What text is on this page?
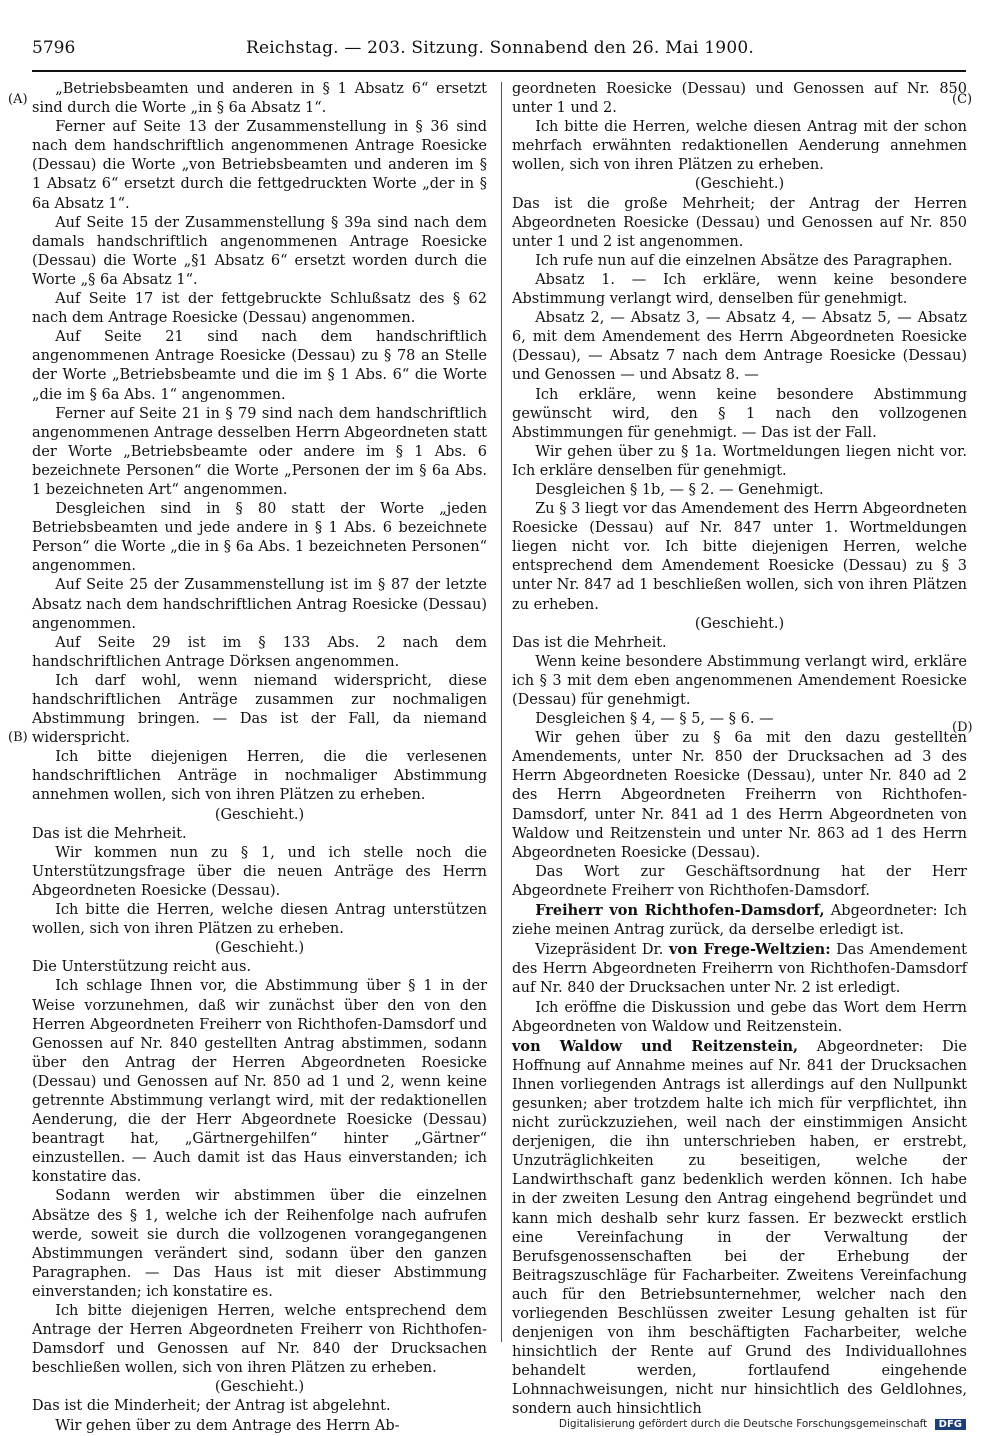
5796	Reichstag. — 203. Sitzung. Sonnabend den 26. Mai 1900.
(A)
(B)
(C)
(D)

„Betriebsbeamten und anderen in § 1 Absatz 6“ ersetzt sind durch die Worte „in § 6a Absatz 1“.

Ferner auf Seite 13 der Zusammenstellung in § 36 sind nach dem handschriftlich angenommenen Antrage Roesicke (Dessau) die Worte „von Betriebsbeamten und anderen im § 1 Absatz 6“ ersetzt durch die fettgedruckten Worte „der in § 6a Absatz 1“.

Auf Seite 15 der Zusammenstellung § 39a sind nach dem damals handschriftlich angenommenen Antrage Roesicke (Dessau) die Worte „§1 Absatz 6“ ersetzt worden durch die Worte „§ 6a Absatz 1“.

Auf Seite 17 ist der fettgebruckte Schlußsatz des § 62 nach dem Antrage Roesicke (Dessau) angenommen.

Auf Seite 21 sind nach dem handschriftlich angenommenen Antrage Roesicke (Dessau) zu § 78 an Stelle der Worte „Betriebsbeamte und die im § 1 Abs. 6“ die Worte „die im § 6a Abs. 1“ angenommen.

Ferner auf Seite 21 in § 79 sind nach dem handschriftlich angenommenen Antrage desselben Herrn Abgeordneten statt der Worte „Betriebsbeamte oder andere im § 1 Abs. 6 bezeichnete Personen“ die Worte „Personen der im § 6a Abs. 1 bezeichneten Art“ angenommen.

Desgleichen sind in § 80 statt der Worte „jeden Betriebsbeamten und jede andere in § 1 Abs. 6 bezeichnete Person“ die Worte „die in § 6a Abs. 1 bezeichneten Personen“ angenommen.

Auf Seite 25 der Zusammenstellung ist im § 87 der letzte Absatz nach dem handschriftlichen Antrag Roesicke (Dessau) angenommen.

Auf Seite 29 ist im § 133 Abs. 2 nach dem handschriftlichen Antrage Dörksen angenommen.

Ich darf wohl, wenn niemand widerspricht, diese handschriftlichen Anträge zusammen zur nochmaligen Abstimmung bringen. — Das ist der Fall, da niemand widerspricht.

Ich bitte diejenigen Herren, die die verlesenen handschriftlichen Anträge in nochmaliger Abstimmung annehmen wollen, sich von ihren Plätzen zu erheben.

(Geschieht.)

Das ist die Mehrheit.

Wir kommen nun zu § 1, und ich stelle noch die Unterstützungsfrage über die neuen Anträge des Herrn Abgeordneten Roesicke (Dessau).

Ich bitte die Herren, welche diesen Antrag unterstützen wollen, sich von ihren Plätzen zu erheben.

(Geschieht.)

Die Unterstützung reicht aus.

Ich schlage Ihnen vor, die Abstimmung über § 1 in der Weise vorzunehmen, daß wir zunächst über den von den Herren Abgeordneten Freiherr von Richthofen-Damsdorf und Genossen auf Nr. 840 gestellten Antrag abstimmen, sodann über den Antrag der Herren Abgeordneten Roesicke (Dessau) und Genossen auf Nr. 850 ad 1 und 2, wenn keine getrennte Abstimmung verlangt wird, mit der redaktionellen Aenderung, die der Herr Abgeordnete Roesicke (Dessau) beantragt hat, „Gärtnergehilfen“ hinter „Gärtner“ einzustellen. — Auch damit ist das Haus einverstanden; ich konstatire das.

Sodann werden wir abstimmen über die einzelnen Absätze des § 1, welche ich der Reihenfolge nach aufrufen werde, soweit sie durch die vollzogenen vorangegangenen Abstimmungen verändert sind, sodann über den ganzen Paragraphen. — Das Haus ist mit dieser Abstimmung einverstanden; ich konstatire es.

Ich bitte diejenigen Herren, welche entsprechend dem Antrage der Herren Abgeordneten Freiherr von Richthofen-Damsdorf und Genossen auf Nr. 840 der Drucksachen beschließen wollen, sich von ihren Plätzen zu erheben.

(Geschieht.)

Das ist die Minderheit; der Antrag ist abgelehnt.

Wir gehen über zu dem Antrage des Herrn Ab-

geordneten Roesicke (Dessau) und Genossen auf Nr. 850 unter 1 und 2.

Ich bitte die Herren, welche diesen Antrag mit der schon mehrfach erwähnten redaktionellen Aenderung annehmen wollen, sich von ihren Plätzen zu erheben.

(Geschieht.)

Das ist die große Mehrheit; der Antrag der Herren Abgeordneten Roesicke (Dessau) und Genossen auf Nr. 850 unter 1 und 2 ist angenommen.

Ich rufe nun auf die einzelnen Absätze des Paragraphen.

Absatz 1. — Ich erkläre, wenn keine besondere Abstimmung verlangt wird, denselben für genehmigt.

Absatz 2, — Absatz 3, — Absatz 4, — Absatz 5, — Absatz 6, mit dem Amendement des Herrn Abgeordneten Roesicke (Dessau), — Absatz 7 nach dem Antrage Roesicke (Dessau) und Genossen — und Absatz 8. —

Ich erkläre, wenn keine besondere Abstimmung gewünscht wird, den § 1 nach den vollzogenen Abstimmungen für genehmigt. — Das ist der Fall.

Wir gehen über zu § 1a. Wortmeldungen liegen nicht vor. Ich erkläre denselben für genehmigt.

Desgleichen § 1b, — § 2. — Genehmigt.

Zu § 3 liegt vor das Amendement des Herrn Abgeordneten Roesicke (Dessau) auf Nr. 847 unter 1. Wortmeldungen liegen nicht vor. Ich bitte diejenigen Herren, welche entsprechend dem Amendement Roesicke (Dessau) zu § 3 unter Nr. 847 ad 1 beschließen wollen, sich von ihren Plätzen zu erheben.

(Geschieht.)

Das ist die Mehrheit.

Wenn keine besondere Abstimmung verlangt wird, erkläre ich § 3 mit dem eben angenommenen Amendement Roesicke (Dessau) für genehmigt.

Desgleichen § 4, — § 5, — § 6. —

Wir gehen über zu § 6a mit den dazu gestellten Amendements, unter Nr. 850 der Drucksachen ad 3 des Herrn Abgeordneten Roesicke (Dessau), unter Nr. 840 ad 2 des Herrn Abgeordneten Freiherrn von Richthofen-Damsdorf, unter Nr. 841 ad 1 des Herrn Abgeordneten von Waldow und Reitzenstein und unter Nr. 863 ad 1 des Herrn Abgeordneten Roesicke (Dessau).

Das Wort zur Geschäftsordnung hat der Herr Abgeordnete Freiherr von Richthofen-Damsdorf.

Freiherr von Richthofen-Damsdorf, Abgeordneter: Ich ziehe meinen Antrag zurück, da derselbe erledigt ist.

Vizepräsident Dr. von Frege-Weltzien: Das Amendement des Herrn Abgeordneten Freiherrn von Richthofen-Damsdorf auf Nr. 840 der Drucksachen unter Nr. 2 ist erledigt.

Ich eröffne die Diskussion und gebe das Wort dem Herrn Abgeordneten von Waldow und Reitzenstein.

von Waldow und Reitzenstein, Abgeordneter: Die Hoffnung auf Annahme meines auf Nr. 841 der Drucksachen Ihnen vorliegenden Antrags ist allerdings auf den Nullpunkt gesunken; aber trotzdem halte ich mich für verpflichtet, ihn nicht zurückzuziehen, weil nach der einstimmigen Ansicht derjenigen, die ihn unterschrieben haben, er erstrebt, Unzuträglichkeiten zu beseitigen, welche der Landwirthschaft ganz bedenklich werden können. Ich habe in der zweiten Lesung den Antrag eingehend begründet und kann mich deshalb sehr kurz fassen. Er bezweckt erstlich eine Vereinfachung in der Verwaltung der Berufsgenossenschaften bei der Erhebung der Beitragszuschläge für Facharbeiter. Zweitens Vereinfachung auch für den Betriebsunternehmer, welcher nach den vorliegenden Beschlüssen zweiter Lesung gehalten ist für denjenigen von ihm beschäftigten Facharbeiter, welche hinsichtlich der Rente auf Grund des Individuallohnes behandelt werden, fortlaufend eingehende Lohnnachweisungen, nicht nur hinsichtlich des Geldlohnes, sondern auch hinsichtlich

Digitalisierung gefördert durch die Deutsche Forschungsgemeinschaft DFG
